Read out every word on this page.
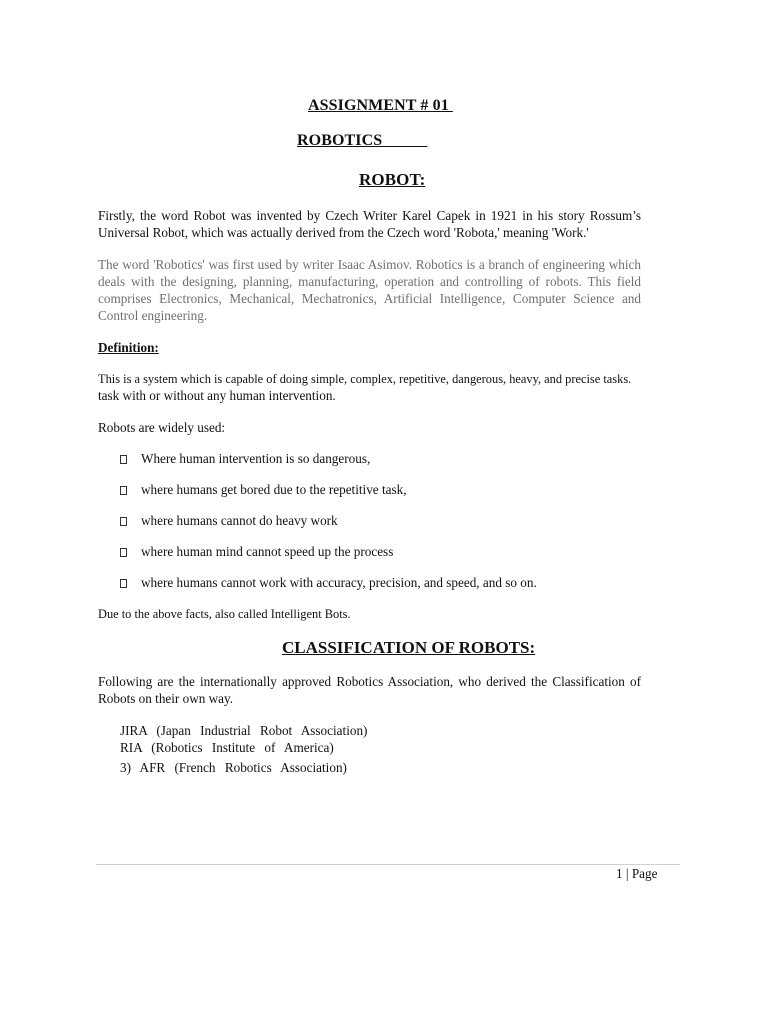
ASSIGNMENT # 01
ROBOTICS
ROBOT:
Firstly, the word Robot was invented by Czech Writer Karel Capek in 1921 in his story Rossum’s Universal Robot, which was actually derived from the Czech word 'Robota,' meaning 'Work.'
The word 'Robotics' was first used by writer Isaac Asimov. Robotics is a branch of engineering which deals with the designing, planning, manufacturing, operation and controlling of robots. This field comprises Electronics, Mechanical, Mechatronics, Artificial Intelligence, Computer Science and Control engineering.
Definition:
This is a system which is capable of doing simple, complex, repetitive, dangerous, heavy, and precise tasks.
task with or without any human intervention.
Robots are widely used:
Where human intervention is so dangerous,
where humans get bored due to the repetitive task,
where humans cannot do heavy work
where human mind cannot speed up the process
where humans cannot work with accuracy, precision, and speed, and so on.
Due to the above facts, also called Intelligent Bots.
CLASSIFICATION OF ROBOTS:
Following are the internationally approved Robotics Association, who derived the Classification of Robots on their own way.
JIRA (Japan Industrial Robot Association)
RIA (Robotics Institute of America)
3) AFR (French Robotics Association)
1 | Page
